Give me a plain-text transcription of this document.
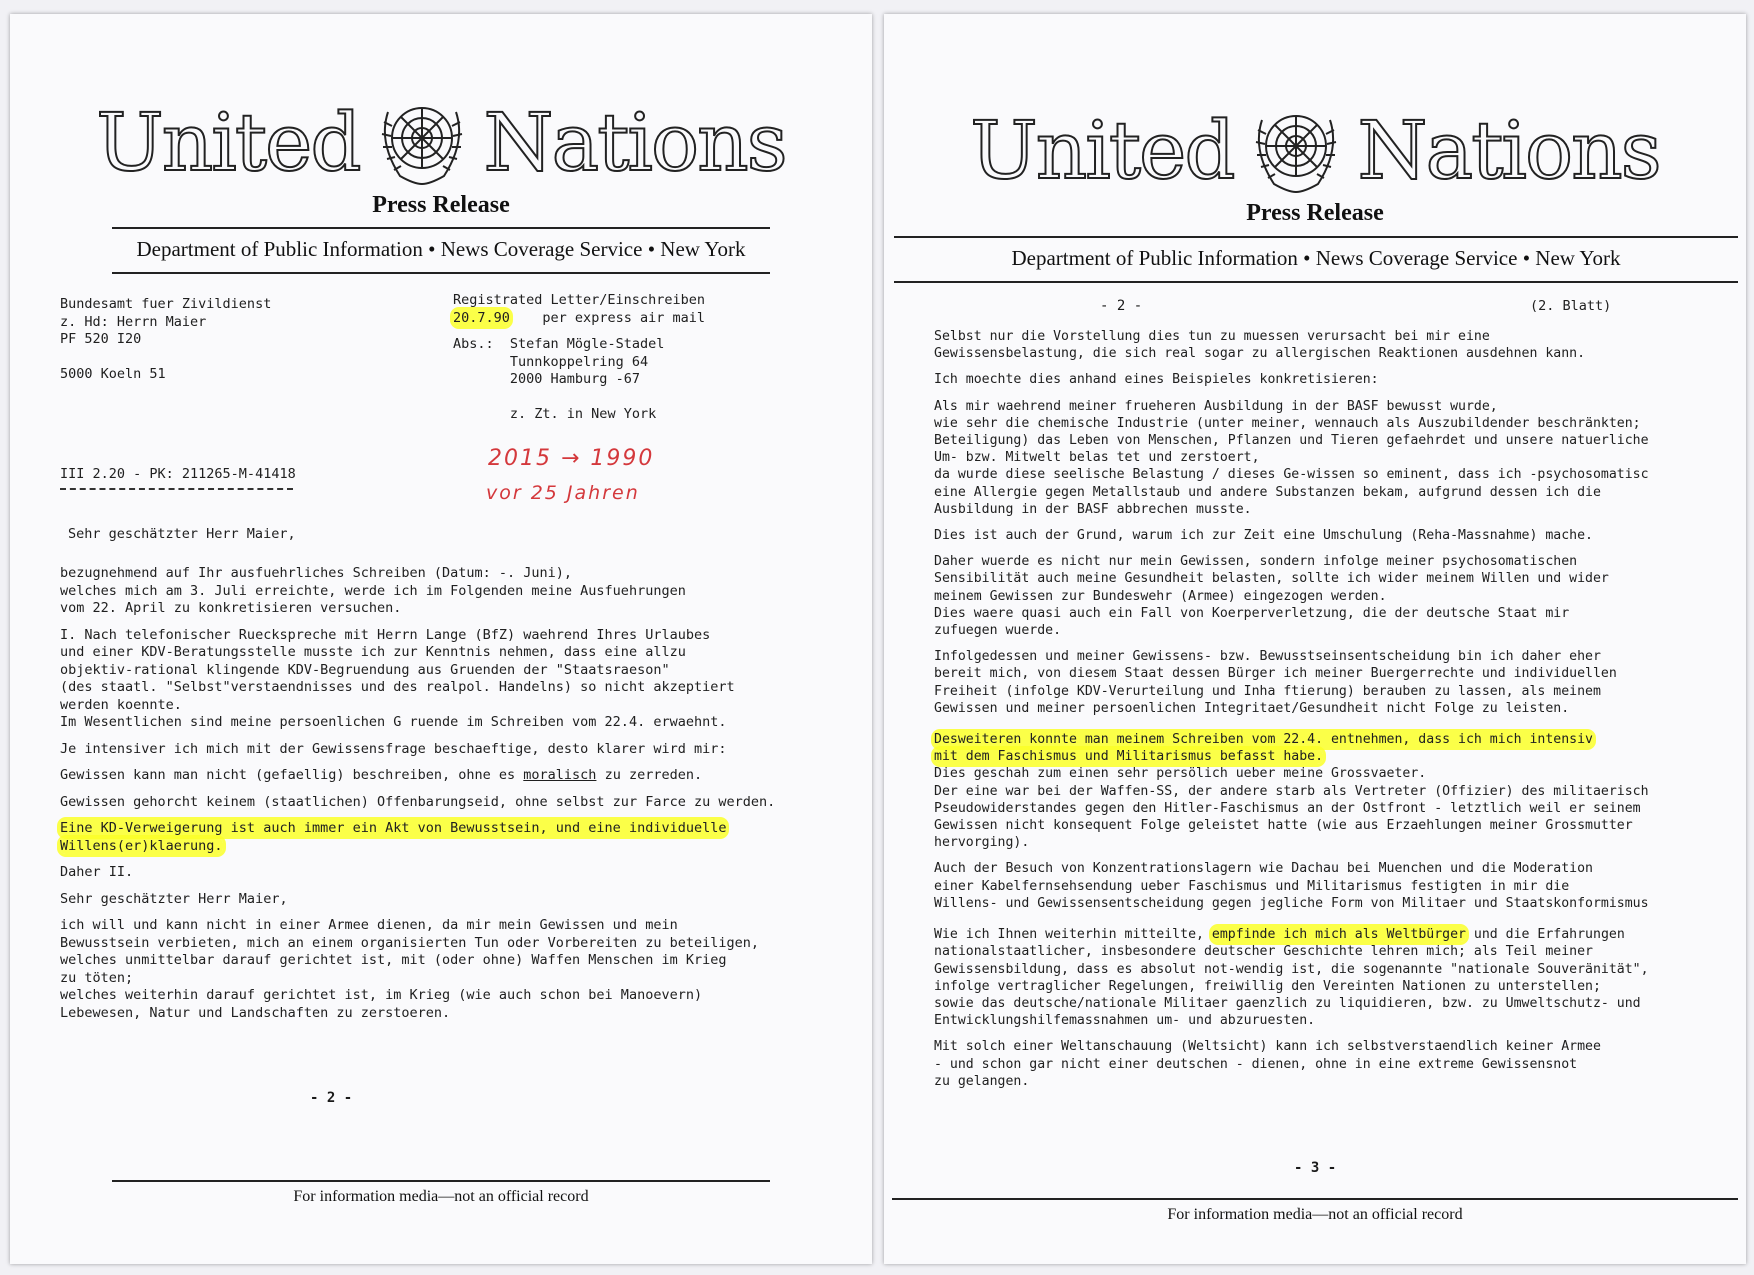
United Nations
Press Release
Department of Public Information • News Coverage Service • New York
Bundesamt fuer Zivildienst
z. Hd: Herrn Maier
PF 520 I20

5000 Koeln 51
Registrated Letter/Einschreiben
20.7.90 per express air mail
Abs.: Stefan Mögle-Stadel
Tunnkoppelring 64
2000 Hamburg -67

z. Zt. in New York
III 2.20 - PK: 211265-M-41418
2015 → 1990
vor 25 Jahren
Sehr geschätzter Herr Maier,

bezugnehmend auf Ihr ausfuehrliches Schreiben (Datum: -. Juni),
welches mich am 3. Juli erreichte, werde ich im Folgenden meine Ausfuehrungen
vom 22. April zu konkretisieren versuchen.

I. Nach telefonischer Rueckspreche mit Herrn Lange (BfZ) waehrend Ihres Urlaubes
und einer KDV-Beratungsstelle musste ich zur Kenntnis nehmen, dass eine allzu
objektiv-rational klingende KDV-Begruendung aus Gruenden der "Staatsraeson"
(des staatl. "Selbst"verstaendnisses und des realpol. Handelns) so nicht akzeptiert
werden koennte.
Im Wesentlichen sind meine persoenlichen G ruende im Schreiben vom 22.4. erwaehnt.

Je intensiver ich mich mit der Gewissensfrage beschaeftige, desto klarer wird mir:

Gewissen kann man nicht (gefaellig) beschreiben, ohne es moralisch zu zerreden.

Gewissen gehorcht keinem (staatlichen) Offenbarungseid, ohne selbst zur Farce zu werden.

Eine KD-Verweigerung ist auch immer ein Akt von Bewusstsein, und eine individuelle
Willens(er)klaerung.

Daher II.

Sehr geschätzter Herr Maier,

ich will und kann nicht in einer Armee dienen, da mir mein Gewissen und mein
Bewusstsein verbieten, mich an einem organisierten Tun oder Vorbereiten zu beteiligen,
welches unmittelbar darauf gerichtet ist, mit (oder ohne) Waffen Menschen im Krieg
zu töten;
welches weiterhin darauf gerichtet ist, im Krieg (wie auch schon bei Manoevern)
Lebewesen, Natur und Landschaften zu zerstoeren.

- 2 -
For information media—not an official record
United Nations
Press Release
Department of Public Information • News Coverage Service • New York
- 2 -	(2. Blatt)
- 3 -
For information media—not an official record

Selbst nur die Vorstellung dies tun zu muessen verursacht bei mir eine
Gewissensbelastung, die sich real sogar zu allergischen Reaktionen ausdehnen kann.

Ich moechte dies anhand eines Beispieles konkretisieren:

Als mir waehrend meiner frueheren Ausbildung in der BASF bewusst wurde,
wie sehr die chemische Industrie (unter meiner, wennauch als Auszubildender beschränkten;
Beteiligung) das Leben von Menschen, Pflanzen und Tieren gefaehrdet und unsere natuerliche
Um- bzw. Mitwelt belas tet und zerstoert,
da wurde diese seelische Belastung / dieses Ge-wissen so eminent, dass ich -psychosomatisc
eine Allergie gegen Metallstaub und andere Substanzen bekam, aufgrund dessen ich die
Ausbildung in der BASF abbrechen musste.

Dies ist auch der Grund, warum ich zur Zeit eine Umschulung (Reha-Massnahme) mache.

Daher wuerde es nicht nur mein Gewissen, sondern infolge meiner psychosomatischen
Sensibilität auch meine Gesundheit belasten, sollte ich wider meinem Willen und wider
meinem Gewissen zur Bundeswehr (Armee) eingezogen werden.
Dies waere quasi auch ein Fall von Koerperverletzung, die der deutsche Staat mir
zufuegen wuerde.

Infolgedessen und meiner Gewissens- bzw. Bewusstseinsentscheidung bin ich daher eher
bereit mich, von diesem Staat dessen Bürger ich meiner Buergerrechte und individuellen
Freiheit (infolge KDV-Verurteilung und Inha ftierung) berauben zu lassen, als meinem
Gewissen und meiner persoenlichen Integritaet/Gesundheit nicht Folge zu leisten.

Desweiteren konnte man meinem Schreiben vom 22.4. entnehmen, dass ich mich intensiv
mit dem Faschismus und Militarismus befasst habe.
Dies geschah zum einen sehr persölich ueber meine Grossvaeter.
Der eine war bei der Waffen-SS, der andere starb als Vertreter (Offizier) des militaerisch
Pseudowiderstandes gegen den Hitler-Faschismus an der Ostfront - letztlich weil er seinem
Gewissen nicht konsequent Folge geleistet hatte (wie aus Erzaehlungen meiner Grossmutter
hervorging).

Auch der Besuch von Konzentrationslagern wie Dachau bei Muenchen und die Moderation
einer Kabelfernsehsendung ueber Faschismus und Militarismus festigten in mir die
Willens- und Gewissensentscheidung gegen jegliche Form von Militaer und Staatskonformismus

Wie ich Ihnen weiterhin mitteilte, empfinde ich mich als Weltbürger und die Erfahrungen
nationalstaatlicher, insbesondere deutscher Geschichte lehren mich; als Teil meiner
Gewissensbildung, dass es absolut not-wendig ist, die sogenannte "nationale Souveränität",
infolge vertraglicher Regelungen, freiwillig den Vereinten Nationen zu unterstellen;
sowie das deutsche/nationale Militaer gaenzlich zu liquidieren, bzw. zu Umweltschutz- und
Entwicklungshilfemassnahmen um- und abzuruesten.

Mit solch einer Weltanschauung (Weltsicht) kann ich selbstverstaendlich keiner Armee
- und schon gar nicht einer deutschen - dienen, ohne in eine extreme Gewissensnot
zu gelangen.
